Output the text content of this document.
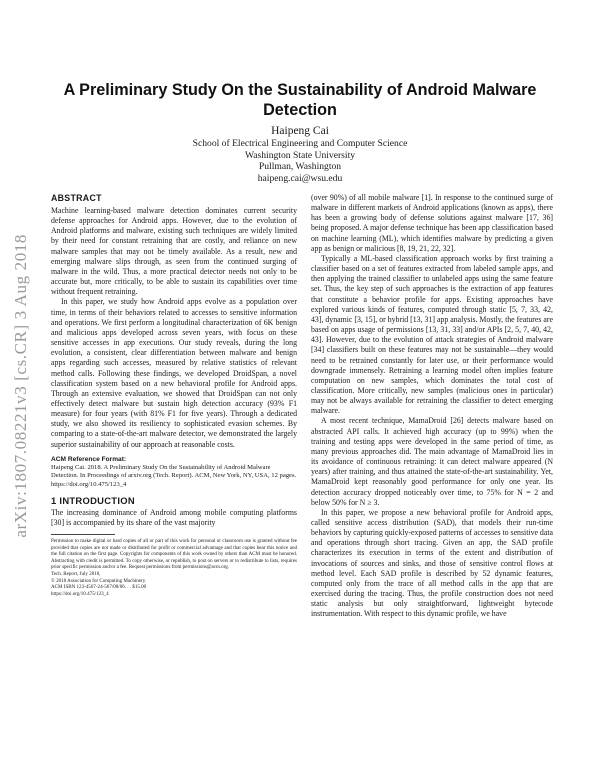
arXiv:1807.08221v3 [cs.CR] 3 Aug 2018
A Preliminary Study On the Sustainability of Android Malware Detection
Haipeng Cai
School of Electrical Engineering and Computer Science
Washington State University
Pullman, Washington
haipeng.cai@wsu.edu
ABSTRACT

Machine learning-based malware detection dominates current security defense approaches for Android apps. However, due to the evolution of Android platforms and malware, existing such techniques are widely limited by their need for constant retraining that are costly, and reliance on new malware samples that may not be timely available. As a result, new and emerging malware slips through, as seen from the continued surging of malware in the wild. Thus, a more practical detector needs not only to be accurate but, more critically, to be able to sustain its capabilities over time without frequent retraining.

In this paper, we study how Android apps evolve as a population over time, in terms of their behaviors related to accesses to sensitive information and operations. We first perform a longitudinal characterization of 6K benign and malicious apps developed across seven years, with focus on these sensitive accesses in app executions. Our study reveals, during the long evolution, a consistent, clear differentiation between malware and benign apps regarding such accesses, measured by relative statistics of relevant method calls. Following these findings, we developed DroidSpan, a novel classification system based on a new behavioral profile for Android apps. Through an extensive evaluation, we showed that DroidSpan can not only effectively detect malware but sustain high detection accuracy (93% F1 measure) for four years (with 81% F1 for five years). Through a dedicated study, we also showed its resiliency to sophisticated evasion schemes. By comparing to a state-of-the-art malware detector, we demonstrated the largely superior sustainability of our approach at reasonable costs.

ACM Reference Format:
Haipeng Cai. 2018. A Preliminary Study On the Sustainability of Android Malware Detection. In Proceedings of arxiv.org (Tech. Report). ACM, New York, NY, USA, 12 pages. https://doi.org/10.475/123_4
1 INTRODUCTION

The increasing dominance of Android among mobile computing platforms [30] is accompanied by its share of the vast majority

Permission to make digital or hard copies of all or part of this work for personal or classroom use is granted without fee provided that copies are not made or distributed for profit or commercial advantage and that copies bear this notice and the full citation on the first page. Copyrights for components of this work owned by others than ACM must be honored. Abstracting with credit is permitted. To copy otherwise, or republish, to post on servers or to redistribute to lists, requires prior specific permission and/or a fee. Request permissions from permissions@acm.org.
Tech. Report, July 2018,
© 2018 Association for Computing Machinery.
ACM ISBN 123-4567-24-567/08/06. . . $15.00
https://doi.org/10.475/123_4

(over 90%) of all mobile malware [1]. In response to the continued surge of malware in different markets of Android applications (known as apps), there has been a growing body of defense solutions against malware [17, 36] being proposed. A major defense technique has been app classification based on machine learning (ML), which identifies malware by predicting a given app as benign or malicious [8, 19, 21, 22, 32].

Typically a ML-based classification approach works by first training a classifier based on a set of features extracted from labeled sample apps, and then applying the trained classifier to unlabeled apps using the same feature set. Thus, the key step of such approaches is the extraction of app features that constitute a behavior profile for apps. Existing approaches have explored various kinds of features, computed through static [5, 7, 33, 42, 43], dynamic [3, 15], or hybrid [13, 31] app analysis. Mostly, the features are based on apps usage of permissions [13, 31, 33] and/or APIs [2, 5, 7, 40, 42, 43]. However, due to the evolution of attack strategies of Android malware [34] classifiers built on these features may not be sustainable—they would need to be retrained constantly for later use, or their performance would downgrade immensely. Retraining a learning model often implies feature computation on new samples, which dominates the total cost of classification. More critically, new samples (malicious ones in particular) may not be always available for retraining the classifier to detect emerging malware.

A most recent technique, MamaDroid [26] detects malware based on abstracted API calls. It achieved high accuracy (up to 99%) when the training and testing apps were developed in the same period of time, as many previous approaches did. The main advantage of MamaDroid lies in its avoidance of continuous retraining: it can detect malware appeared (N years) after training, and thus attained the state-of-the-art sustainability. Yet, MamaDroid kept reasonably good performance for only one year. Its detection accuracy dropped noticeably over time, to 75% for N = 2 and below 50% for N ≥ 3.

In this paper, we propose a new behavioral profile for Android apps, called sensitive access distribution (SAD), that models their run-time behaviors by capturing quickly-exposed patterns of accesses to sensitive data and operations through short tracing. Given an app, the SAD profile characterizes its execution in terms of the extent and distribution of invocations of sources and sinks, and those of sensitive control flows at method level. Each SAD profile is described by 52 dynamic features, computed only from the trace of all method calls in the app that are exercised during the tracing. Thus, the profile construction does not need static analysis but only straightforward, lightweight bytecode instrumentation. With respect to this dynamic profile, we have
